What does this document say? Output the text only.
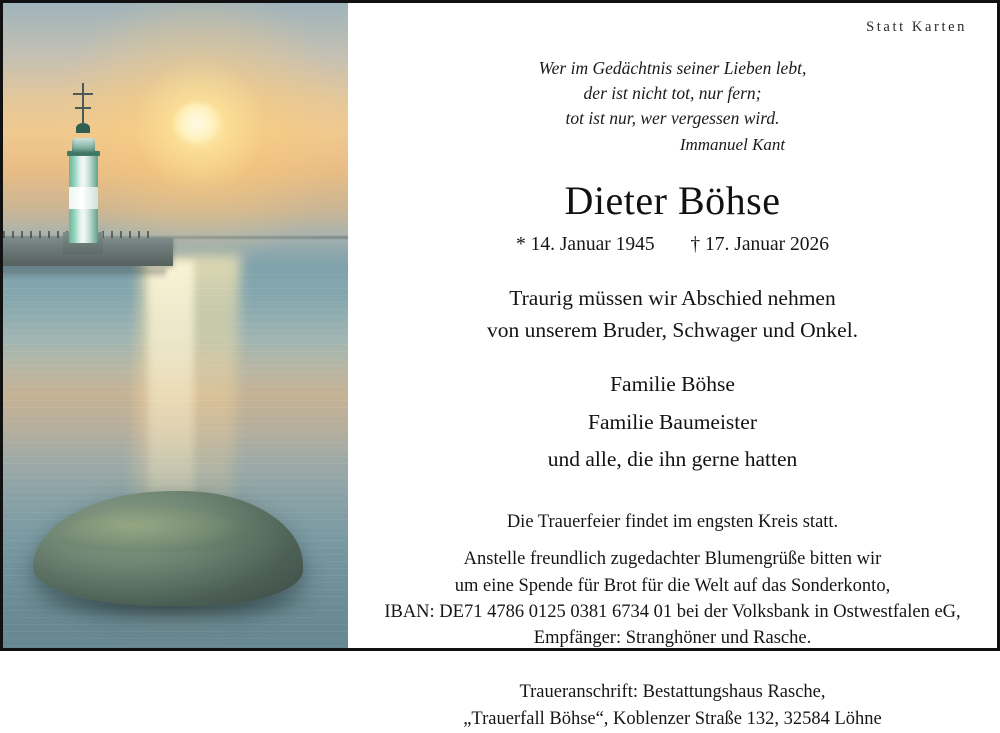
Statt Karten
Wer im Gedächtnis seiner Lieben lebt,
der ist nicht tot, nur fern;
tot ist nur, wer vergessen wird.
Immanuel Kant
Dieter Böhse
* 14. Januar 1945 † 17. Januar 2026
Traurig müssen wir Abschied nehmen
von unserem Bruder, Schwager und Onkel.
Familie Böhse
Familie Baumeister
und alle, die ihn gerne hatten
Die Trauerfeier findet im engsten Kreis statt.
Anstelle freundlich zugedachter Blumengrüße bitten wir
um eine Spende für Brot für die Welt auf das Sonderkonto,
IBAN: DE71 4786 0125 0381 6734 01 bei der Volksbank in Ostwestfalen eG,
Empfänger: Stranghöner und Rasche.
Traueranschrift: Bestattungshaus Rasche,
„Trauerfall Böhse“, Koblenzer Straße 132, 32584 Löhne
